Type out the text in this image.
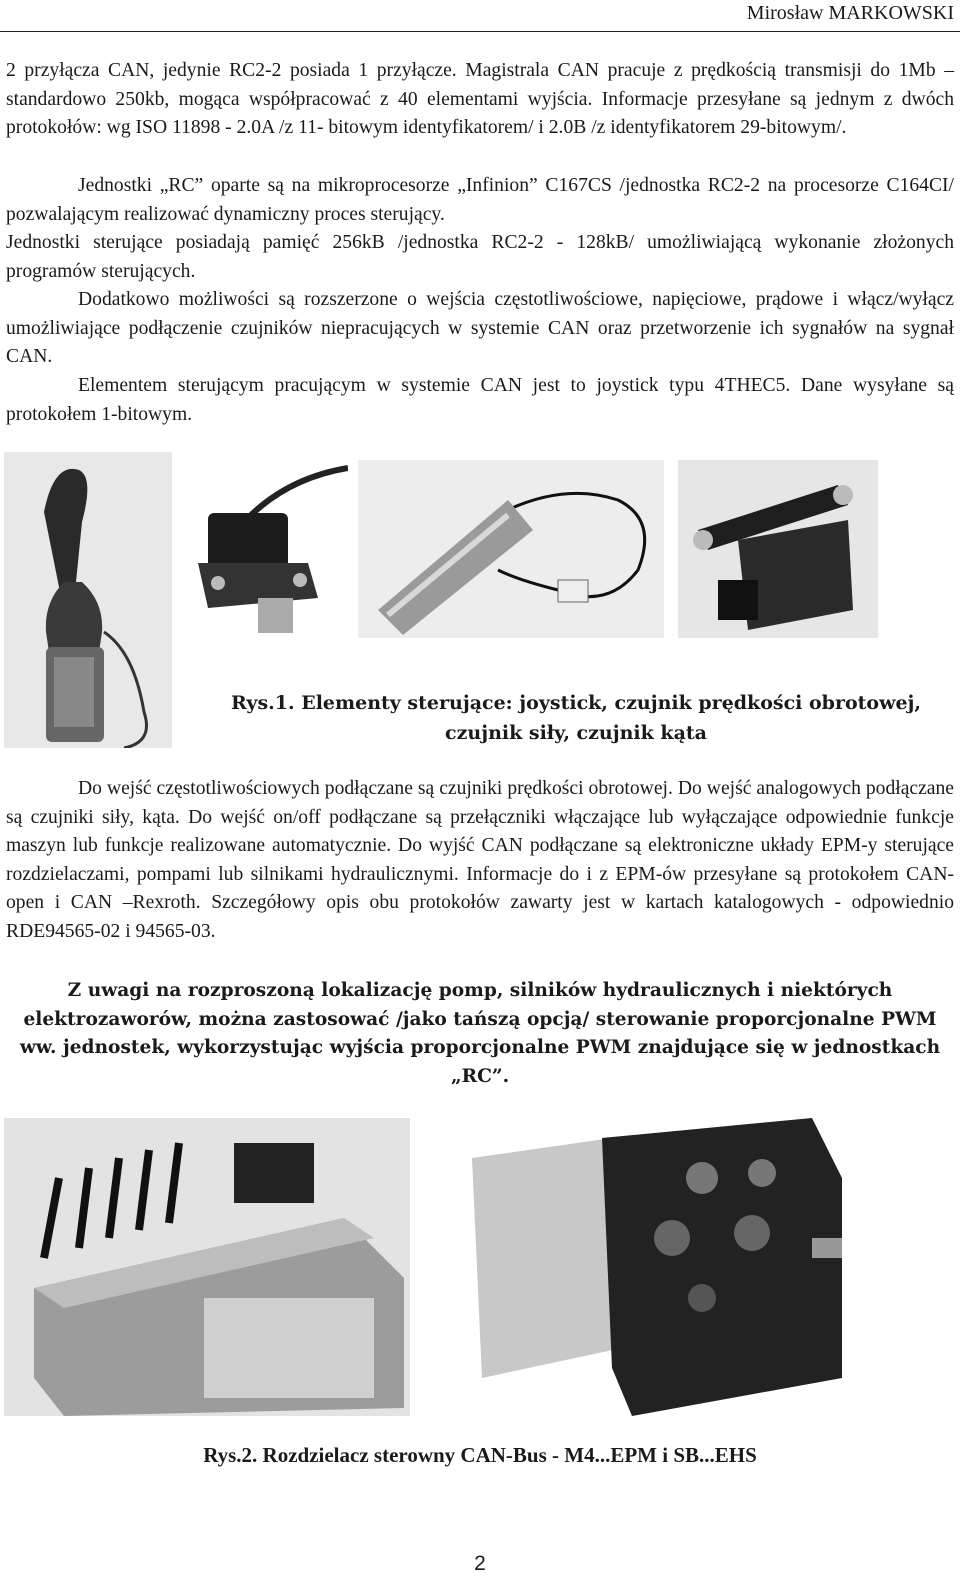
Mirosław MARKOWSKI

2 przyłącza CAN, jedynie RC2-2 posiada 1 przyłącze. Magistrala CAN pracuje z prędkością transmisji do 1Mb – standardowo 250kb, mogąca współpracować z 40 elementami wyjścia. Informacje przesyłane są jednym z dwóch protokołów: wg ISO 11898 - 2.0A /z 11- bitowym identyfikatorem/ i 2.0B /z identyfikatorem 29-bitowym/.

Jednostki „RC” oparte są na mikroprocesorze „Infinion” C167CS /jednostka RC2-2 na procesorze C164CI/ pozwalającym realizować dynamiczny proces sterujący.

Jednostki sterujące posiadają pamięć 256kB /jednostka RC2-2 - 128kB/ umożliwiającą wykonanie złożonych programów sterujących.

Dodatkowo możliwości są rozszerzone o wejścia częstotliwościowe, napięciowe, prądowe i włącz/wyłącz umożliwiające podłączenie czujników niepracujących w systemie CAN oraz przetworzenie ich sygnałów na sygnał CAN.

Elementem sterującym pracującym w systemie CAN jest to joystick typu 4THEC5. Dane wysyłane są protokołem 1-bitowym.

Rys.1. Elementy sterujące: joystick, czujnik prędkości obrotowej, czujnik siły, czujnik kąta

Do wejść częstotliwościowych podłączane są czujniki prędkości obrotowej. Do wejść analogowych podłączane są czujniki siły, kąta. Do wejść on/off podłączane są przełączniki włączające lub wyłączające odpowiednie funkcje maszyn lub funkcje realizowane automatycznie. Do wyjść CAN podłączane są elektroniczne układy EPM-y sterujące rozdzielaczami, pompami lub silnikami hydraulicznymi. Informacje do i z EPM-ów przesyłane są protokołem CAN-open i CAN –Rexroth. Szczegółowy opis obu protokołów zawarty jest w kartach katalogowych - odpowiednio RDE94565-02 i 94565-03.

Z uwagi na rozproszoną lokalizację pomp, silników hydraulicznych i niektórych elektrozaworów, można zastosować /jako tańszą opcją/ sterowanie proporcjonalne PWM ww. jednostek, wykorzystując wyjścia proporcjonalne PWM znajdujące się w jednostkach „RC”.

Rys.2. Rozdzielacz sterowny CAN-Bus - M4...EPM i SB...EHS
2
